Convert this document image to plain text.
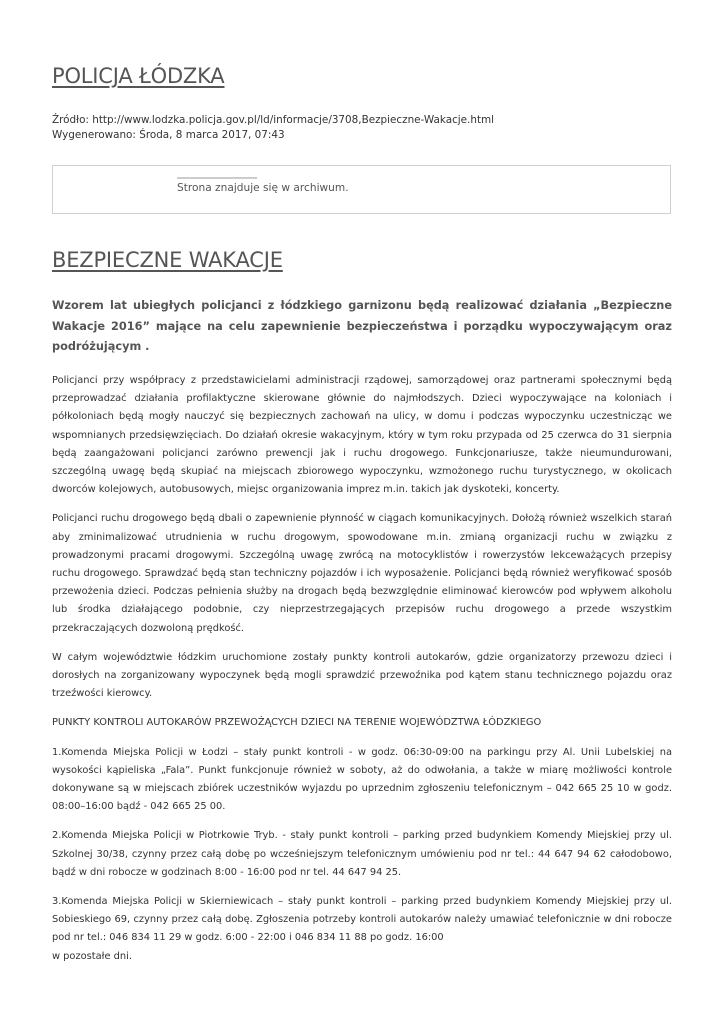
POLICJA ŁÓDZKA
Źródło: http://www.lodzka.policja.gov.pl/ld/informacje/3708,Bezpieczne-Wakacje.html
Wygenerowano: Środa, 8 marca 2017, 07:43
Strona znajduje się w archiwum.
BEZPIECZNE WAKACJE

Wzorem lat ubiegłych policjanci z łódzkiego garnizonu będą realizować działania „Bezpieczne Wakacje 2016” mające na celu zapewnienie bezpieczeństwa i porządku wypoczywającym oraz podróżującym .

Policjanci przy współpracy z przedstawicielami administracji rządowej, samorządowej oraz partnerami społecznymi będą przeprowadzać działania profilaktyczne skierowane głównie do najmłodszych. Dzieci wypoczywające na koloniach i półkoloniach będą mogły nauczyć się bezpiecznych zachowań na ulicy, w domu i podczas wypoczynku uczestnicząc we wspomnianych przedsięwzięciach. Do działań okresie wakacyjnym, który w tym roku przypada od 25 czerwca do 31 sierpnia będą zaangażowani policjanci zarówno prewencji jak i ruchu drogowego. Funkcjonariusze, także nieumundurowani, szczególną uwagę będą skupiać na miejscach zbiorowego wypoczynku, wzmożonego ruchu turystycznego, w okolicach dworców kolejowych, autobusowych, miejsc organizowania imprez m.in. takich jak dyskoteki, koncerty.

Policjanci ruchu drogowego będą dbali o zapewnienie płynność w ciągach komunikacyjnych. Dołożą również wszelkich starań aby zminimalizować utrudnienia w ruchu drogowym, spowodowane m.in. zmianą organizacji ruchu w związku z prowadzonymi pracami drogowymi. Szczególną uwagę zwrócą na motocyklistów i rowerzystów lekceważących przepisy ruchu drogowego. Sprawdzać będą stan techniczny pojazdów i ich wyposażenie. Policjanci będą również weryfikować sposób przewożenia dzieci. Podczas pełnienia służby na drogach będą bezwzględnie eliminować kierowców pod wpływem alkoholu lub środka działającego podobnie, czy nieprzestrzegających przepisów ruchu drogowego a przede wszystkim przekraczających dozwoloną prędkość.

W całym województwie łódzkim uruchomione zostały punkty kontroli autokarów, gdzie organizatorzy przewozu dzieci i dorosłych na zorganizowany wypoczynek będą mogli sprawdzić przewoźnika pod kątem stanu technicznego pojazdu oraz trzeźwości kierowcy.

PUNKTY KONTROLI AUTOKARÓW PRZEWOŻĄCYCH DZIECI NA TERENIE WOJEWÓDZTWA ŁÓDZKIEGO

1.Komenda Miejska Policji w Łodzi – stały punkt kontroli - w godz. 06:30-09:00 na parkingu przy Al. Unii Lubelskiej na wysokości kąpieliska „Fala”. Punkt funkcjonuje również w soboty, aż do odwołania, a także w miarę możliwości kontrole dokonywane są w miejscach zbiórek uczestników wyjazdu po uprzednim zgłoszeniu telefonicznym – 042 665 25 10 w godz. 08:00–16:00 bądź - 042 665 25 00.

2.Komenda Miejska Policji w Piotrkowie Tryb. - stały punkt kontroli – parking przed budynkiem Komendy Miejskiej przy ul. Szkolnej 30/38, czynny przez całą dobę po wcześniejszym telefonicznym umówieniu pod nr tel.: 44 647 94 62 całodobowo, bądź w dni robocze w godzinach 8:00 - 16:00 pod nr tel. 44 647 94 25.

3.Komenda Miejska Policji w Skierniewicach – stały punkt kontroli – parking przed budynkiem Komendy Miejskiej przy ul. Sobieskiego 69, czynny przez całą dobę. Zgłoszenia potrzeby kontroli autokarów należy umawiać telefonicznie w dni robocze pod nr tel.: 046 834 11 29 w godz. 6:00 - 22:00 i 046 834 11 88 po godz. 16:00
w pozostałe dni.
